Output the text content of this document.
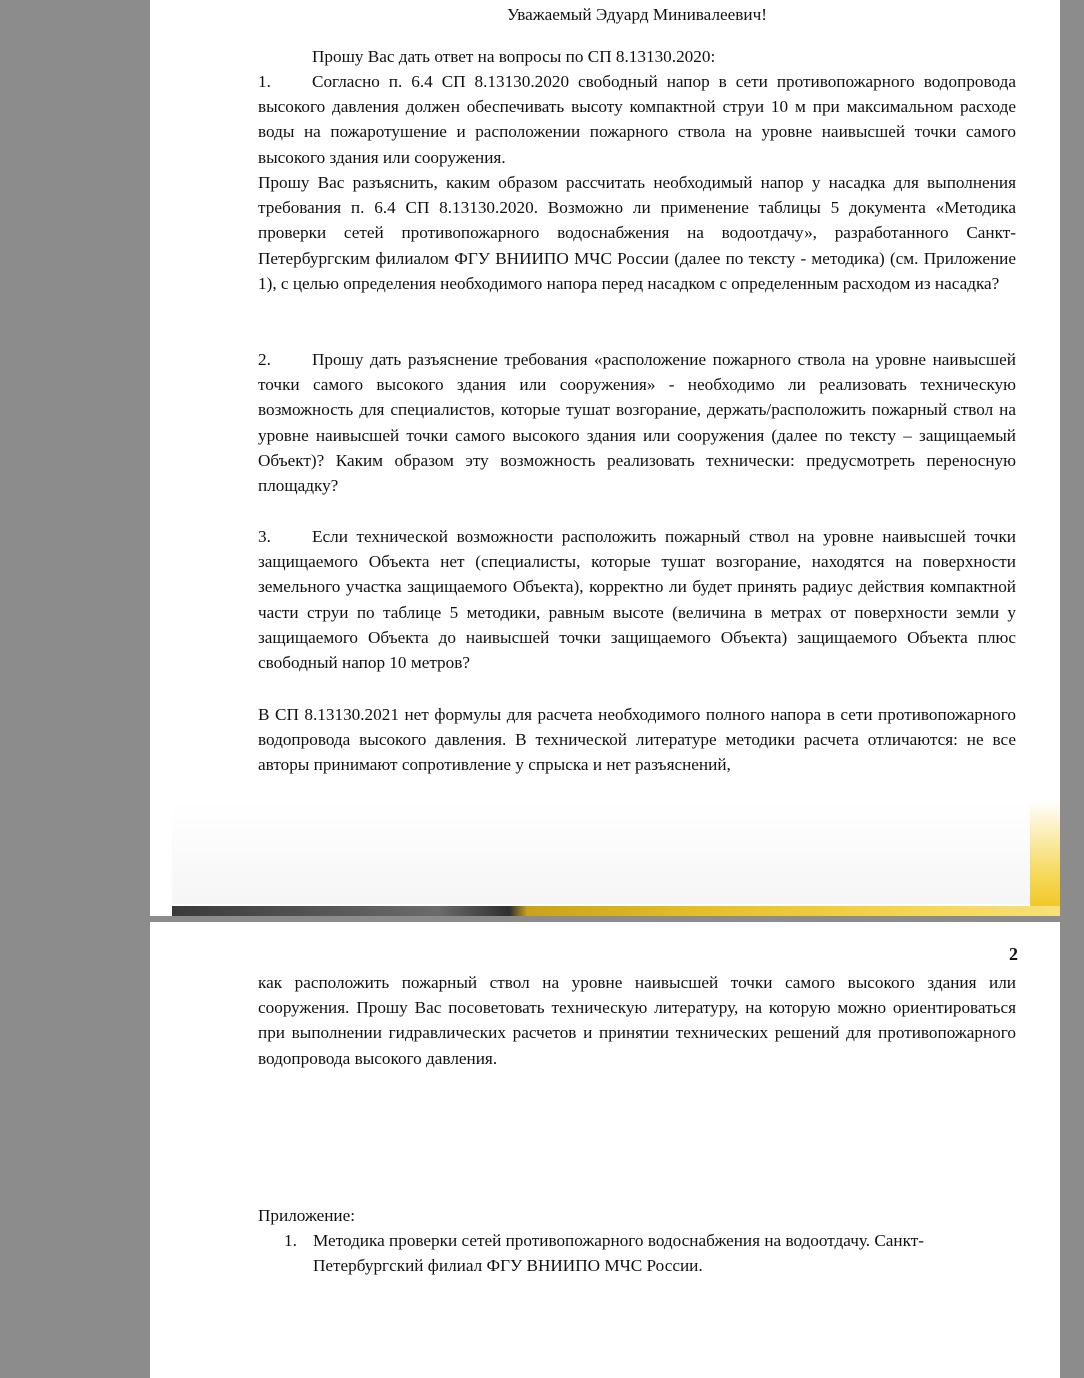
Уважаемый Эдуард Минивалеевич!
Прошу Вас дать ответ на вопросы по СП 8.13130.2020:
1. Согласно п. 6.4 СП 8.13130.2020 свободный напор в сети противопожарного водопровода высокого давления должен обеспечивать высоту компактной струи 10 м при максимальном расходе воды на пожаротушение и расположении пожарного ствола на уровне наивысшей точки самого высокого здания или сооружения.
Прошу Вас разъяснить, каким образом рассчитать необходимый напор у насадка для выполнения требования п. 6.4 СП 8.13130.2020. Возможно ли применение таблицы 5 документа «Методика проверки сетей противопожарного водоснабжения на водоотдачу», разработанного Санкт-Петербургским филиалом ФГУ ВНИИПО МЧС России (далее по тексту - методика) (см. Приложение 1), с целью определения необходимого напора перед насадком с определенным расходом из насадка?
2. Прошу дать разъяснение требования «расположение пожарного ствола на уровне наивысшей точки самого высокого здания или сооружения» - необходимо ли реализовать техническую возможность для специалистов, которые тушат возгорание, держать/расположить пожарный ствол на уровне наивысшей точки самого высокого здания или сооружения (далее по тексту – защищаемый Объект)? Каким образом эту возможность реализовать технически: предусмотреть переносную площадку?
3. Если технической возможности расположить пожарный ствол на уровне наивысшей точки защищаемого Объекта нет (специалисты, которые тушат возгорание, находятся на поверхности земельного участка защищаемого Объекта), корректно ли будет принять радиус действия компактной части струи по таблице 5 методики, равным высоте (величина в метрах от поверхности земли у защищаемого Объекта до наивысшей точки защищаемого Объекта) защищаемого Объекта плюс свободный напор 10 метров?
В СП 8.13130.2021 нет формулы для расчета необходимого полного напора в сети противопожарного водопровода высокого давления. В технической литературе методики расчета отличаются: не все авторы принимают сопротивление у спрыска и нет разъяснений,
2
как расположить пожарный ствол на уровне наивысшей точки самого высокого здания или сооружения. Прошу Вас посоветовать техническую литературу, на которую можно ориентироваться при выполнении гидравлических расчетов и принятии технических решений для противопожарного водопровода высокого давления.
Приложение:
1. Методика проверки сетей противопожарного водоснабжения на водоотдачу. Санкт-Петербургский филиал ФГУ ВНИИПО МЧС России.
